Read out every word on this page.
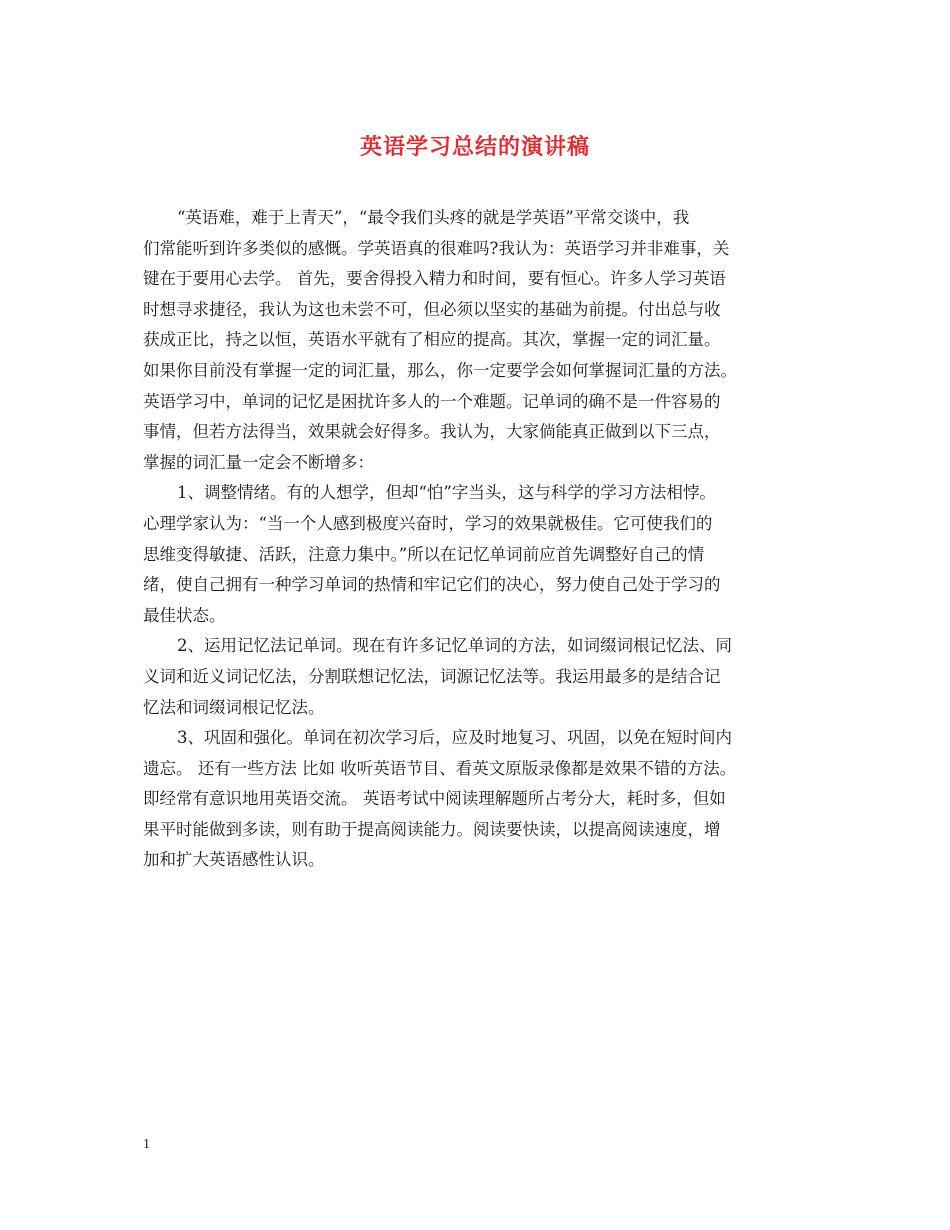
英语学习总结的演讲稿
“英语难，难于上青天”，“最令我们头疼的就是学英语”平常交谈中，我
们常能听到许多类似的感慨。学英语真的很难吗?我认为：英语学习并非难事，关
键在于要用心去学。 首先，要舍得投入精力和时间，要有恒心。许多人学习英语
时想寻求捷径，我认为这也未尝不可，但必须以坚实的基础为前提。付出总与收
获成正比，持之以恒，英语水平就有了相应的提高。其次，掌握一定的词汇量。
如果你目前没有掌握一定的词汇量，那么，你一定要学会如何掌握词汇量的方法。
英语学习中，单词的记忆是困扰许多人的一个难题。记单词的确不是一件容易的
事情，但若方法得当，效果就会好得多。我认为，大家倘能真正做到以下三点，
掌握的词汇量一定会不断增多：
1、调整情绪。有的人想学，但却“怕”字当头，这与科学的学习方法相悖。
心理学家认为：“当一个人感到极度兴奋时，学习的效果就极佳。它可使我们的
思维变得敏捷、活跃，注意力集中。”所以在记忆单词前应首先调整好自己的情
绪，使自己拥有一种学习单词的热情和牢记它们的决心，努力使自己处于学习的
最佳状态。
2、运用记忆法记单词。现在有许多记忆单词的方法，如词缀词根记忆法、同
义词和近义词记忆法，分割联想记忆法，词源记忆法等。我运用最多的是结合记
忆法和词缀词根记忆法。
3、巩固和强化。单词在初次学习后，应及时地复习、巩固，以免在短时间内
遗忘。 还有一些方法 比如 收听英语节目、看英文原版录像都是效果不错的方法。
即经常有意识地用英语交流。 英语考试中阅读理解题所占考分大，耗时多，但如
果平时能做到多读，则有助于提高阅读能力。阅读要快读，以提高阅读速度，增
加和扩大英语感性认识。
1
